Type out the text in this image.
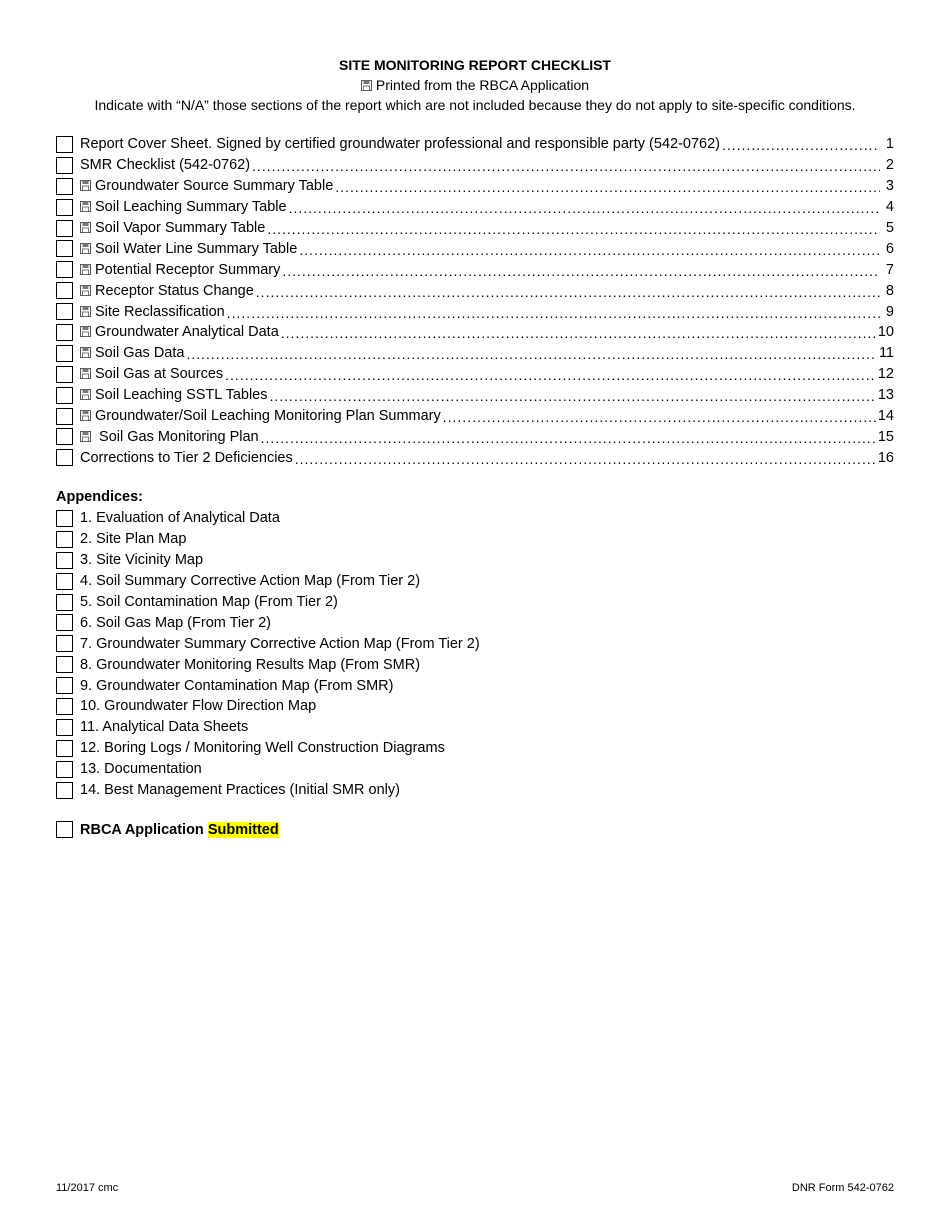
SITE MONITORING REPORT CHECKLIST
Printed from the RBCA Application
Indicate with “N/A” those sections of the report which are not included because they do not apply to site-specific conditions.
Report Cover Sheet. Signed by certified groundwater professional and responsible party (542-0762) .....	1
SMR Checklist (542-0762) .....	2
Groundwater Source Summary Table .....	3
Soil Leaching Summary Table .....	4
Soil Vapor Summary Table .....	5
Soil Water Line Summary Table .....	6
Potential Receptor Summary .....	7
Receptor Status Change .....	8
Site Reclassification .....	9
Groundwater Analytical Data .....	10
Soil Gas Data .....	11
Soil Gas at Sources .....	12
Soil Leaching SSTL Tables .....	13
Groundwater/Soil Leaching Monitoring Plan Summary .....	14
Soil Gas Monitoring Plan .....	15
Corrections to Tier 2 Deficiencies .....	16
Appendices:
1. Evaluation of Analytical Data
2. Site Plan Map
3. Site Vicinity Map
4. Soil Summary Corrective Action Map (From Tier 2)
5. Soil Contamination Map (From Tier 2)
6. Soil Gas Map (From Tier 2)
7. Groundwater Summary Corrective Action Map (From Tier 2)
8. Groundwater Monitoring Results Map (From SMR)
9. Groundwater Contamination Map (From SMR)
10. Groundwater Flow Direction Map
11. Analytical Data Sheets
12. Boring Logs / Monitoring Well Construction Diagrams
13. Documentation
14. Best Management Practices (Initial SMR only)
RBCA Application
Submitted
11/2017 cmc	DNR Form 542-0762
